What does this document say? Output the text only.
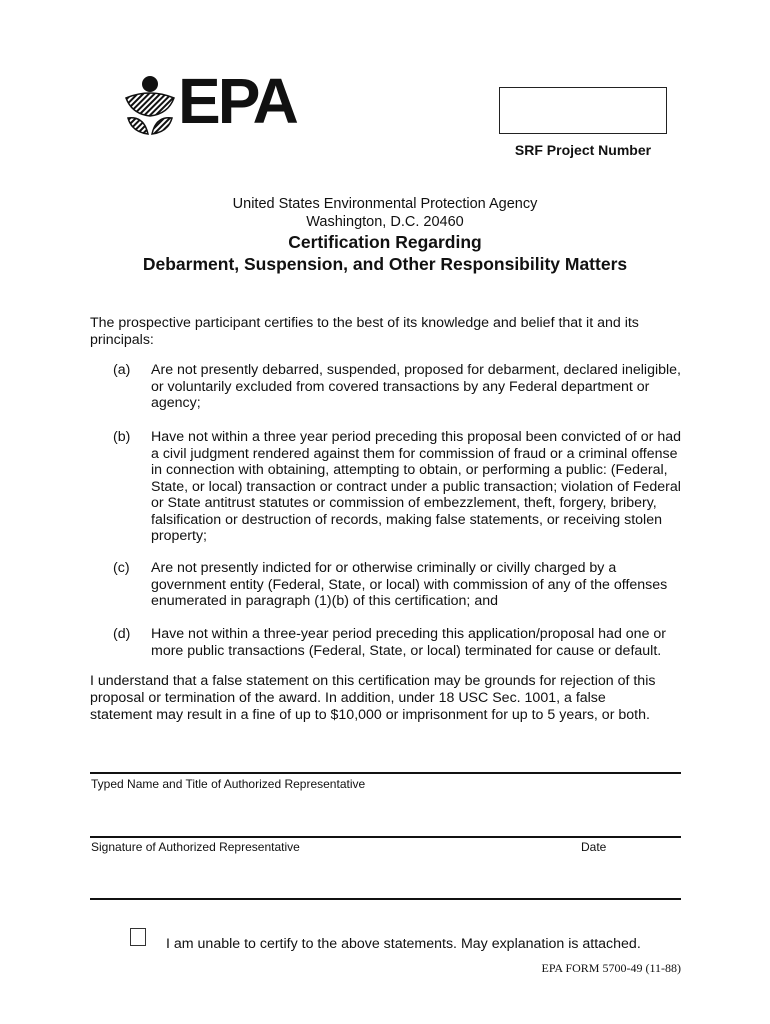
EPA
SRF Project Number
United States Environmental Protection Agency
Washington, D.C. 20460
Certification Regarding
Debarment, Suspension, and Other Responsibility Matters
The prospective participant certifies to the best of its knowledge and belief that it and its principals:
(a) Are not presently debarred, suspended, proposed for debarment, declared ineligible, or voluntarily excluded from covered transactions by any Federal department or agency;
(b) Have not within a three year period preceding this proposal been convicted of or had a civil judgment rendered against them for commission of fraud or a criminal offense in connection with obtaining, attempting to obtain, or performing a public: (Federal, State, or local) transaction or contract under a public transaction; violation of Federal or State antitrust statutes or commission of embezzlement, theft, forgery, bribery, falsification or destruction of records, making false statements, or receiving stolen property;
(c) Are not presently indicted for or otherwise criminally or civilly charged by a government entity (Federal, State, or local) with commission of any of the offenses enumerated in paragraph (1)(b) of this certification; and
(d) Have not within a three-year period preceding this application/proposal had one or more public transactions (Federal, State, or local) terminated for cause or default.
I understand that a false statement on this certification may be grounds for rejection of this proposal or termination of the award. In addition, under 18 USC Sec. 1001, a false statement may result in a fine of up to $10,000 or imprisonment for up to 5 years, or both.
Typed Name and Title of Authorized Representative
Signature of Authorized Representative	Date
I am unable to certify to the above statements. May explanation is attached.
EPA FORM 5700-49 (11-88)
